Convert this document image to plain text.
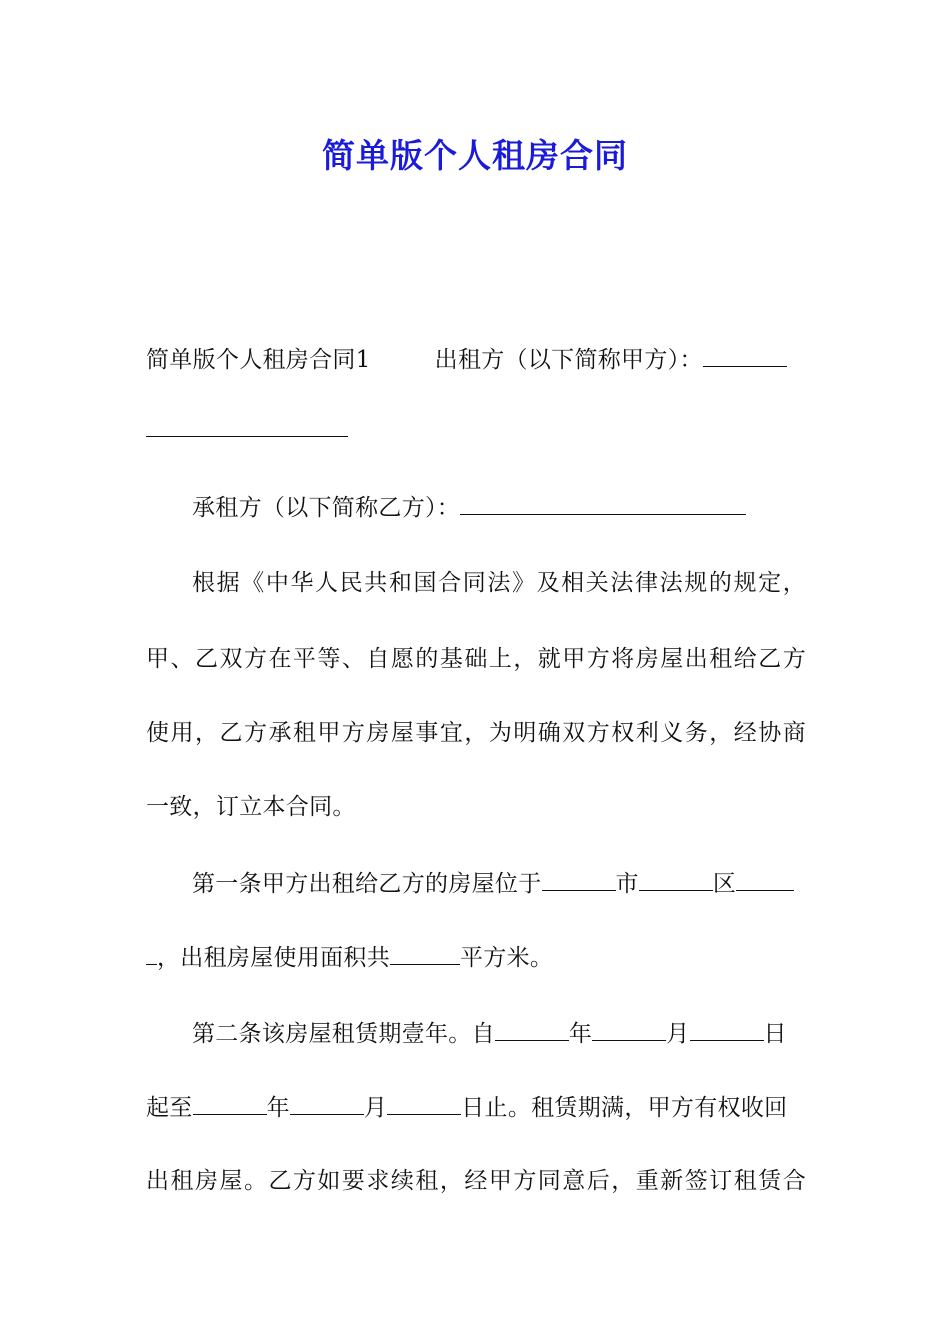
简单版个人租房合同
简单版个人租房合同1	出租方（以下简称甲方）：
承租方（以下简称乙方）：
根据《中华人民共和国合同法》及相关法律法规的规定，
甲、乙双方在平等、自愿的基础上，就甲方将房屋出租给乙方
使用，乙方承租甲方房屋事宜，为明确双方权利义务，经协商
一致，订立本合同。
第一条甲方出租给乙方的房屋位于	市	区
，出租房屋使用面积共	平方米。
第二条该房屋租赁期壹年。自	年	月	日
起至	年	月	日止。租赁期满，甲方有权收回
出租房屋。乙方如要求续租，经甲方同意后，重新签订租赁合
